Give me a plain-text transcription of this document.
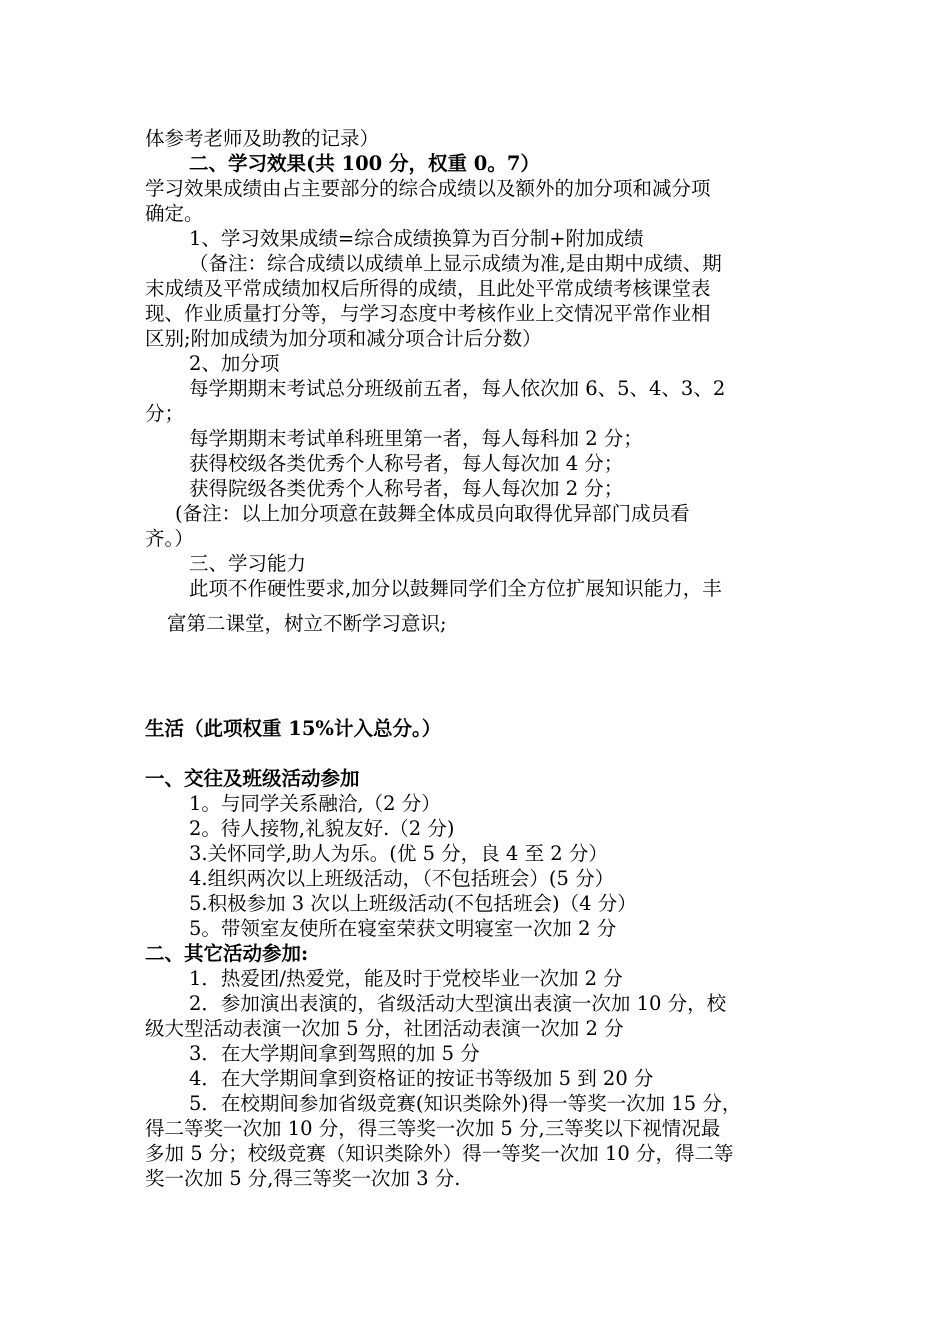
体参考老师及助教的记录）

二、学习效果(共 100 分，权重 0。7）

学习效果成绩由占主要部分的综合成绩以及额外的加分项和减分项

确定。

1、学习效果成绩=综合成绩换算为百分制+附加成绩

（备注：综合成绩以成绩单上显示成绩为准,是由期中成绩、期

末成绩及平常成绩加权后所得的成绩，且此处平常成绩考核课堂表

现、作业质量打分等，与学习态度中考核作业上交情况平常作业相

区别;附加成绩为加分项和减分项合计后分数）

2、加分项

每学期期末考试总分班级前五者，每人依次加 6、5、4、3、2

分；

每学期期末考试单科班里第一者，每人每科加 2 分；

获得校级各类优秀个人称号者，每人每次加 4 分；

获得院级各类优秀个人称号者，每人每次加 2 分；

(备注：以上加分项意在鼓舞全体成员向取得优异部门成员看

齐。）

三、学习能力

此项不作硬性要求,加分以鼓舞同学们全方位扩展知识能力，丰

富第二课堂，树立不断学习意识;

生活（此项权重 15%计入总分。）

一、交往及班级活动参加

1。与同学关系融洽,（2 分）

2。待人接物,礼貌友好.（2 分)

3.关怀同学,助人为乐。(优 5 分，良 4 至 2 分）

4.组织两次以上班级活动，（不包括班会）(5 分）

5.积极参加 3 次以上班级活动(不包括班会)（4 分）

5。带领室友使所在寝室荣获文明寝室一次加 2 分

二、其它活动参加:

1．热爱团/热爱党，能及时于党校毕业一次加 2 分

2．参加演出表演的，省级活动大型演出表演一次加 10 分，校

级大型活动表演一次加 5 分，社团活动表演一次加 2 分

3．在大学期间拿到驾照的加 5 分

4．在大学期间拿到资格证的按证书等级加 5 到 20 分

5．在校期间参加省级竞赛(知识类除外)得一等奖一次加 15 分，

得二等奖一次加 10 分，得三等奖一次加 5 分,三等奖以下视情况最

多加 5 分；校级竞赛（知识类除外）得一等奖一次加 10 分，得二等

奖一次加 5 分,得三等奖一次加 3 分.
